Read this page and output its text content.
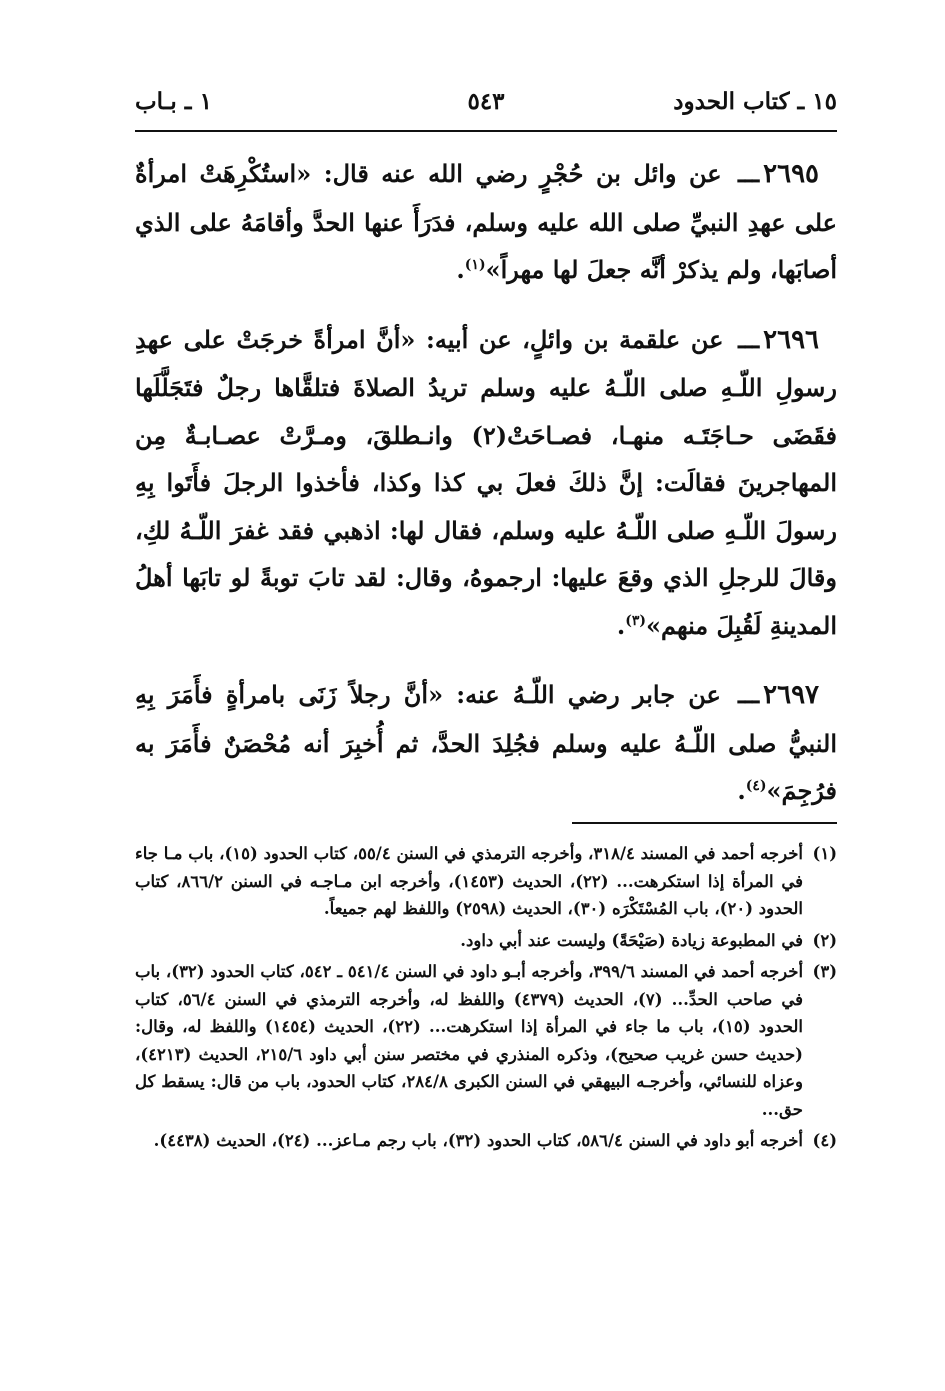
١٥ ـ كتاب الحدود
٥٤٣
١ ـ بـاب

٢٦٩٥ـــ عن وائل بن حُجْرٍ رضي الله عنه قال: «استُكْرِهَتْ امرأةٌ على عهدِ النبيِّ صلى الله عليه وسلم، فدَرَأَ عنها الحدَّ وأقامَهُ على الذي أصابَها، ولم يذكرْ أنَّه جعلَ لها مهراً»$^{(١)}$.

٢٦٩٦ـــ عن علقمة بن وائلٍ، عن أبيه: «أنَّ امرأةً خرجَتْ على عهدِ رسولِ اللّـهِ صلى اللّـهُ عليه وسلم تريدُ الصلاةَ فتلقَّاها رجلٌ فتَجَلَّلَها فقَضَى حـاجَتَـه منهـا، فصـاحَتْ(٢) وانـطلقَ، ومـرَّتْ عصـابـةٌ مِن المهاجرينَ فقالَت: إنَّ ذلكَ فعلَ بي كذا وكذا، فأخذوا الرجلَ فأَتَوا بِهِ رسولَ اللّـهِ صلى اللّـهُ عليه وسلم، فقال لها: اذهبي فقد غفرَ اللّـهُ لكِ، وقالَ للرجلِ الذي وقعَ عليها: ارجموهُ، وقال: لقد تابَ توبةً لو تابَها أهلُ المدينةِ لَقُبِلَ منهم»$^{(٣)}$.

٢٦٩٧ـــ عن جابر رضي اللّـهُ عنه: «أنَّ رجلاً زَنَى بامرأةٍ فأَمَرَ بِهِ النبيُّ صلى اللّـهُ عليه وسلم فجُلِدَ الحدَّ، ثم أُخبِرَ أنه مُحْصَنٌ فأَمَرَ به فرُجِمَ»$^{(٤)}$.

(١)
أخرجه أحمد في المسند ٣١٨/٤، وأخرجه الترمذي في السنن ٥٥/٤، كتاب الحدود (١٥)، باب مـا جاء في المرأة إذا استكرهت... (٢٢)، الحديث (١٤٥٣)، وأخرجه ابن مـاجـه في السنن ٨٦٦/٢، كتاب الحدود (٢٠)، باب المُسْتَكْرَه (٣٠)، الحديث (٢٥٩٨) واللفظ لهم جميعاً.
(٢)
في المطبوعة زيادة (صَيْحَةً) وليست عند أبي داود.
(٣)
أخرجه أحمد في المسند ٣٩٩/٦، وأخرجه أبـو داود في السنن ٥٤١/٤ ـ ٥٤٢، كتاب الحدود (٣٢)، باب في صاحب الحدِّ... (٧)، الحديث (٤٣٧٩) واللفظ له، وأخرجه الترمذي في السنن ٥٦/٤، كتاب الحدود (١٥)، باب ما جاء في المرأة إذا استكرهت... (٢٢)، الحديث (١٤٥٤) واللفظ له، وقال: (حديث حسن غريب صحيح)، وذكره المنذري في مختصر سنن أبي داود ٢١٥/٦، الحديث (٤٢١٣)، وعزاه للنسائي، وأخرجـه البيهقي في السنن الكبرى ٢٨٤/٨، كتاب الحدود، باب من قال: يسقط كل حق...
(٤)
أخرجه أبو داود في السنن ٥٨٦/٤، كتاب الحدود (٣٢)، باب رجم مـاعز... (٢٤)، الحديث (٤٤٣٨).
